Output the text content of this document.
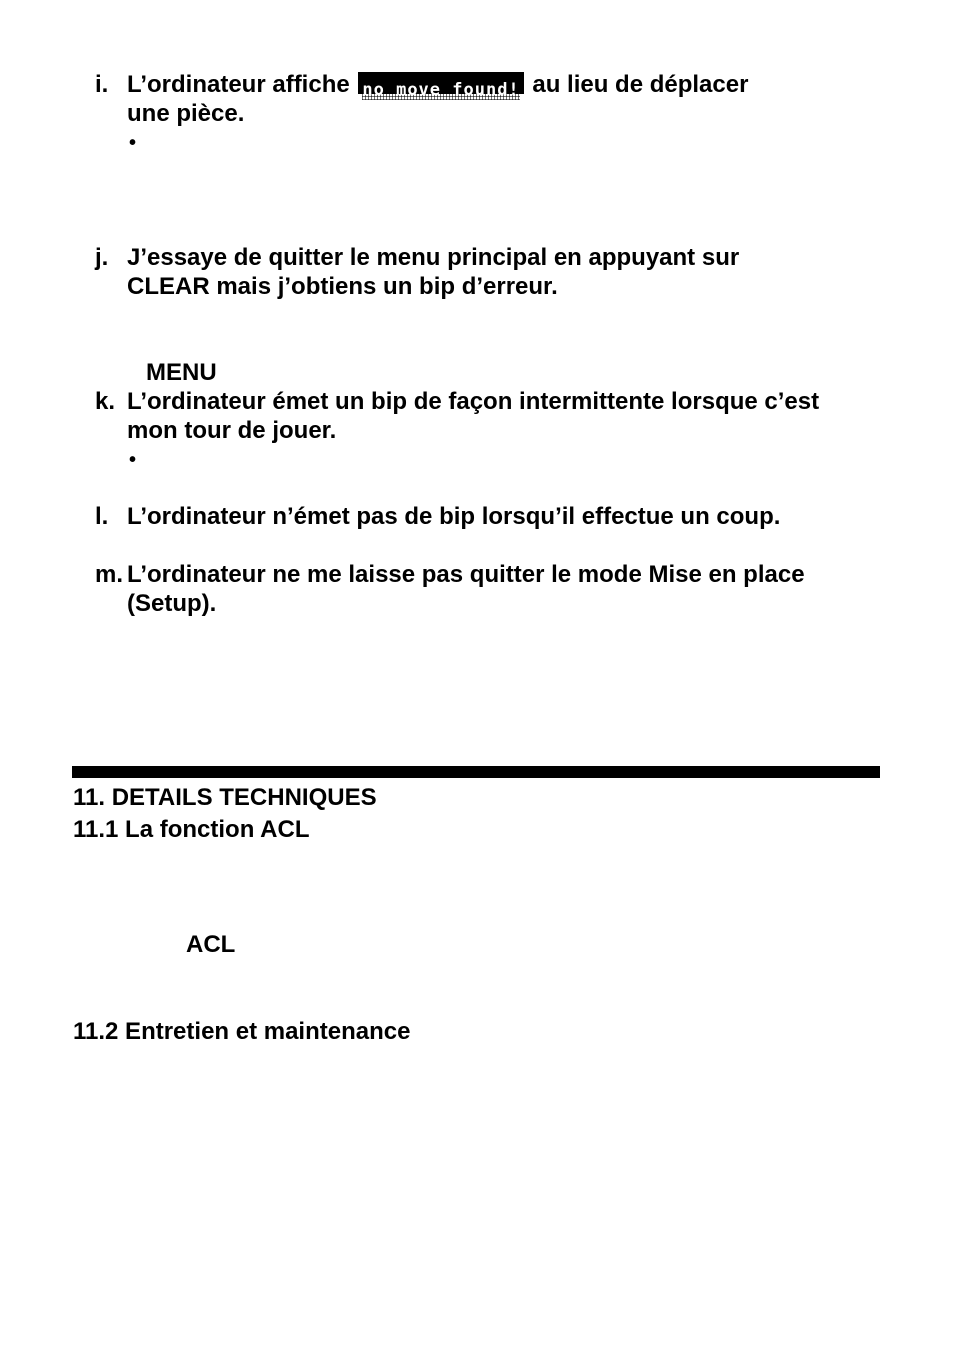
i. L’ordinateur affiche no move found! au lieu de déplacer

une pièce.

•
j. J’essaye de quitter le menu principal en appuyant sur

CLEAR mais j’obtiens un bip d’erreur.

MENU

k. L’ordinateur émet un bip de façon intermittente lorsque c’est

mon tour de jouer.

•
l. L’ordinateur n’émet pas de bip lorsqu’il effectue un coup.

m. L’ordinateur ne me laisse pas quitter le mode Mise en place

(Setup).

11. DETAILS TECHNIQUES
11.1 La fonction ACL

ACL

11.2 Entretien et maintenance
